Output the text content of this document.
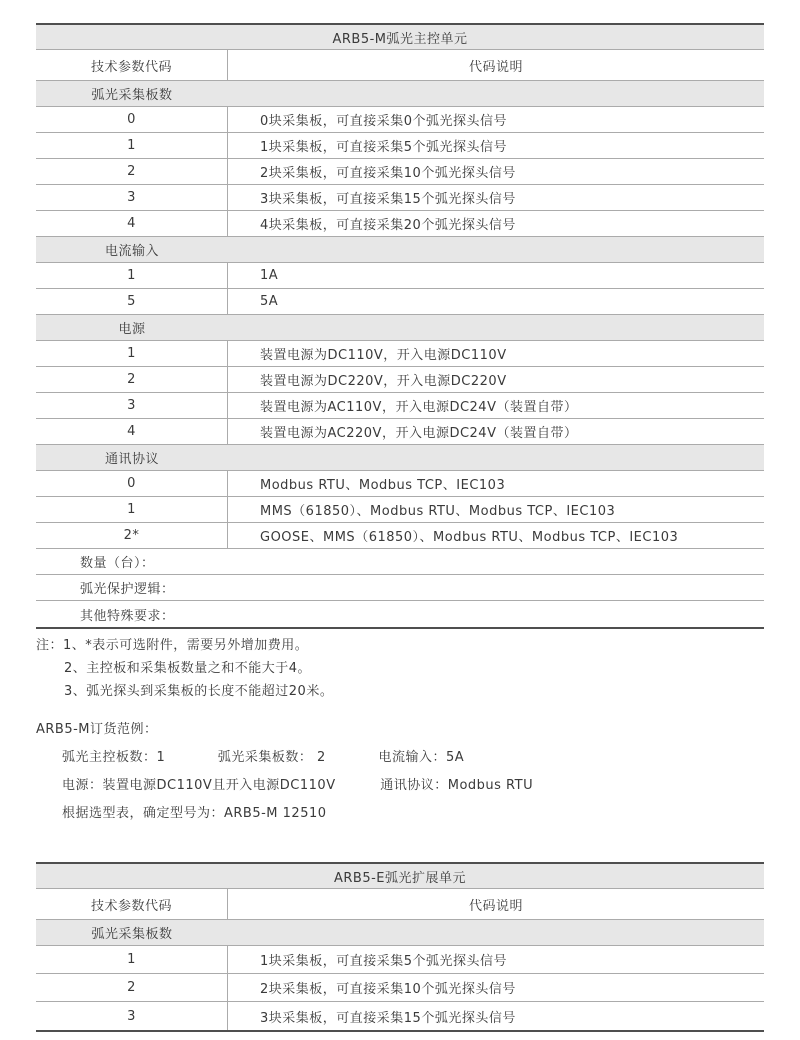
ARB5-M弧光主控单元
技术参数代码	代码说明
弧光采集板数
0	0块采集板，可直接采集0个弧光探头信号
1	1块采集板，可直接采集5个弧光探头信号
2	2块采集板，可直接采集10个弧光探头信号
3	3块采集板，可直接采集15个弧光探头信号
4	4块采集板，可直接采集20个弧光探头信号
电流输入
1	1A
5	5A
电源
1	装置电源为DC110V，开入电源DC110V
2	装置电源为DC220V，开入电源DC220V
3	装置电源为AC110V，开入电源DC24V（装置自带）
4	装置电源为AC220V，开入电源DC24V（装置自带）
通讯协议
0	Modbus RTU、Modbus TCP、IEC103
1	MMS（61850）、Modbus RTU、Modbus TCP、IEC103
2*	GOOSE、MMS（61850）、Modbus RTU、Modbus TCP、IEC103
数量（台）：
弧光保护逻辑：
其他特殊要求：
注：1、*表示可选附件，需要另外增加费用。
2、主控板和采集板数量之和不能大于4。
3、弧光探头到采集板的长度不能超过20米。
ARB5-M订货范例：
弧光主控板数：1	弧光采集板数： 2	电流输入：5A
电源：装置电源DC110V且开入电源DC110V	通讯协议：Modbus RTU
根据选型表，确定型号为：ARB5-M 12510
ARB5-E弧光扩展单元
技术参数代码	代码说明
弧光采集板数
1	1块采集板，可直接采集5个弧光探头信号
2	2块采集板，可直接采集10个弧光探头信号
3	3块采集板，可直接采集15个弧光探头信号
